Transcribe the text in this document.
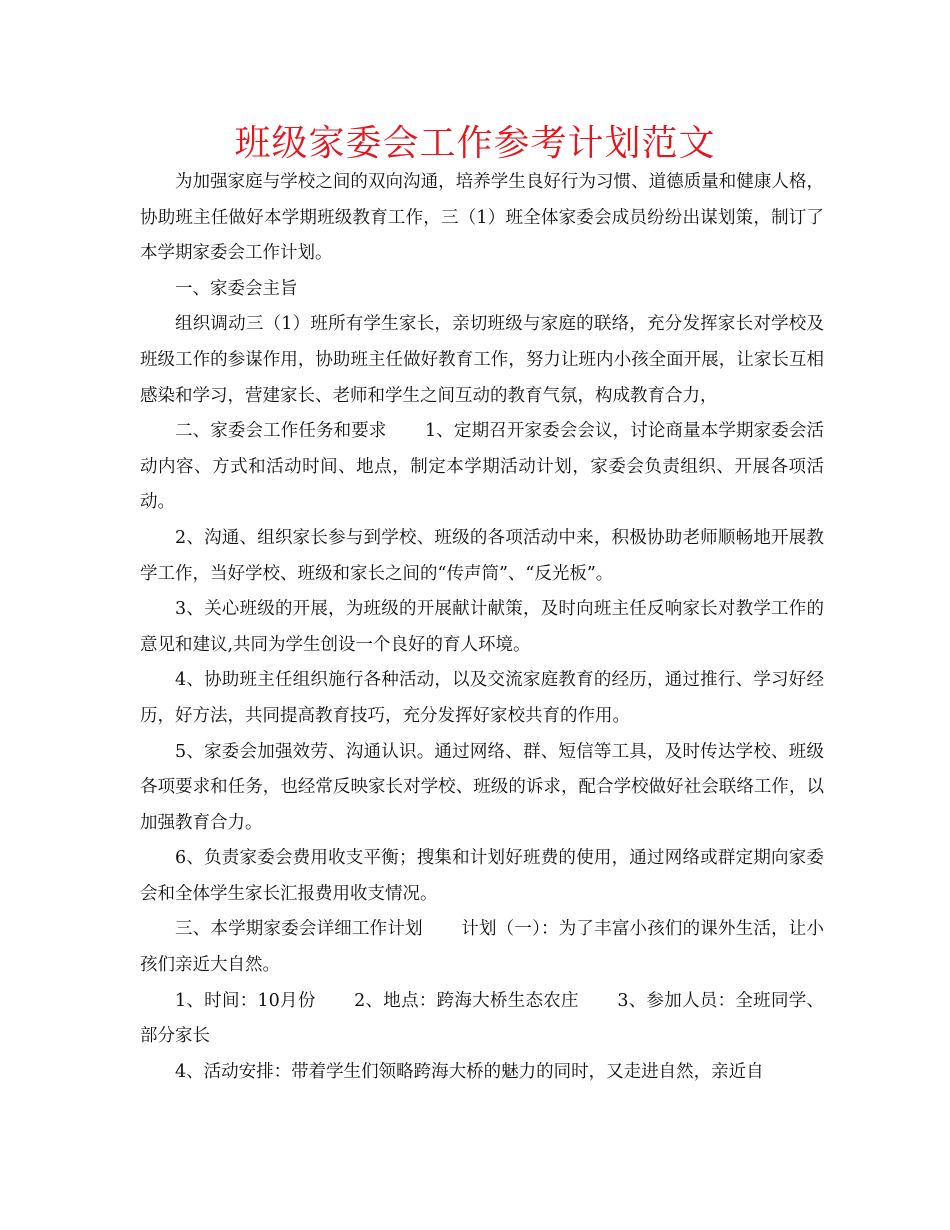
班级家委会工作参考计划范文

为加强家庭与学校之间的双向沟通，培养学生良好行为习惯、道德质量和健康人格，协助班主任做好本学期班级教育工作，三（1）班全体家委会成员纷纷出谋划策，制订了本学期家委会工作计划。

一、家委会主旨

组织调动三（1）班所有学生家长，亲切班级与家庭的联络，充分发挥家长对学校及班级工作的参谋作用，协助班主任做好教育工作，努力让班内小孩全面开展，让家长互相感染和学习，营建家长、老师和学生之间互动的教育气氛，构成教育合力，

二、家委会工作任务和要求 1、定期召开家委会会议，讨论商量本学期家委会活动内容、方式和活动时间、地点，制定本学期活动计划，家委会负责组织、开展各项活动。

2、沟通、组织家长参与到学校、班级的各项活动中来，积极协助老师顺畅地开展教学工作，当好学校、班级和家长之间的“传声筒”、“反光板”。

3、关心班级的开展，为班级的开展献计献策，及时向班主任反响家长对教学工作的意见和建议,共同为学生创设一个良好的育人环境。

4、协助班主任组织施行各种活动，以及交流家庭教育的经历，通过推行、学习好经历，好方法，共同提高教育技巧，充分发挥好家校共育的作用。

5、家委会加强效劳、沟通认识。通过网络、群、短信等工具，及时传达学校、班级各项要求和任务，也经常反映家长对学校、班级的诉求，配合学校做好社会联络工作，以加强教育合力。

6、负责家委会费用收支平衡；搜集和计划好班费的使用，通过网络或群定期向家委会和全体学生家长汇报费用收支情况。

三、本学期家委会详细工作计划 计划（一）：为了丰富小孩们的课外生活，让小孩们亲近大自然。

1、时间：10月份 2、地点：跨海大桥生态农庄 3、参加人员：全班同学、部分家长

4、活动安排：带着学生们领略跨海大桥的魅力的同时，又走进自然，亲近自
